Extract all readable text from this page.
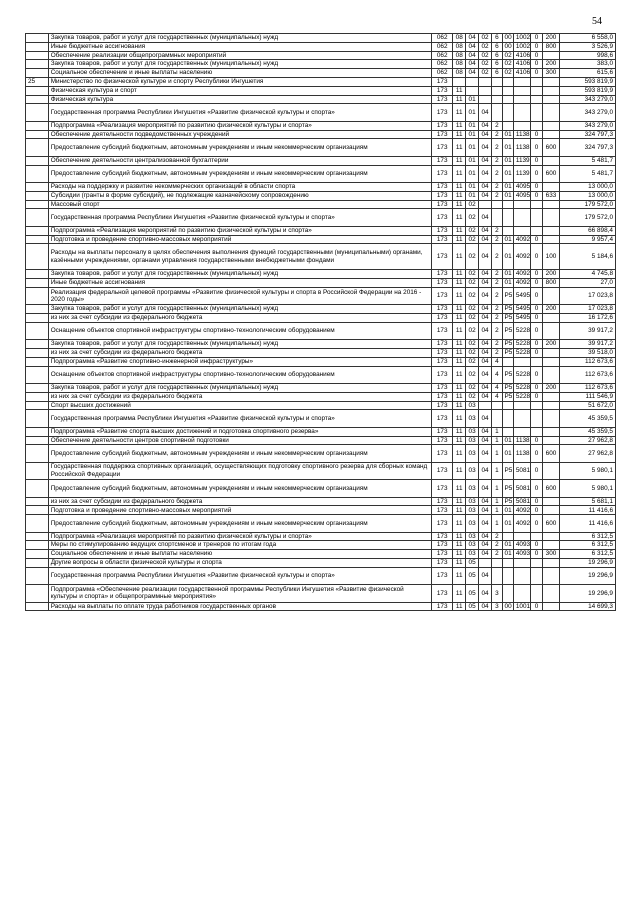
54
	Закупка товаров, работ и услуг для государственных (муниципальных) нужд	062	08	04	02	6	00	1002	0	200	6 558,0
	Иные бюджетные ассигнования	062	08	04	02	6	00	1002	0	800	3 526,9
	Обеспечение реализации общепрограммных мероприятий	062	08	04	02	6	02	4106	0		998,6
	Закупка товаров, работ и услуг для государственных (муниципальных) нужд	062	08	04	02	6	02	4106	0	200	383,0
	Социальное обеспечение и иные выплаты населению	062	08	04	02	6	02	4106	0	300	615,6
25	Министерство по физической культуре и спорту Республики Ингушетия	173									593 819,9
	Физическая культура и спорт	173	11								593 819,9
	Физическая культура	173	11	01							343 279,0
	Государственная программа Республики Ингушетия «Развитие физической культуры и спорта»	173	11	01	04						343 279,0
	Подпрограмма «Реализация мероприятий по развитию физической культуры и спорта»	173	11	01	04	2					343 279,0
	Обеспечение деятельности подведомственных учреждений	173	11	01	04	2	01	1138	0		324 797,3
	Предоставление субсидий бюджетным, автономным учреждениям и иным некоммерческим организациям	173	11	01	04	2	01	1138	0	600	324 797,3
	Обеспечение деятельности централизованной бухгалтерии	173	11	01	04	2	01	1139	0		5 481,7
	Предоставление субсидий бюджетным, автономным учреждениям и иным некоммерческим организациям	173	11	01	04	2	01	1139	0	600	5 481,7
	Расходы на поддержку и развитие некоммерческих организаций в области спорта	173	11	01	04	2	01	4095	0		13 000,0
	Субсидии (гранты в форме субсидий), не подлежащие казначейскому сопровождению	173	11	01	04	2	01	4095	0	633	13 000,0
	Массовый спорт	173	11	02							179 572,0
	Государственная программа Республики Ингушетия «Развитие физической культуры и спорта»	173	11	02	04						179 572,0
	Подпрограмма «Реализация мероприятий по развитию физической культуры и спорта»	173	11	02	04	2					66 898,4
	Подготовка и проведение спортивно-массовых мероприятий	173	11	02	04	2	01	4092	0		9 957,4
	Расходы на выплаты персоналу в целях обеспечения выполнения функций государственными (муниципальными) органами, казёнными учреждениями, органами управления государственными внебюджетными фондами	173	11	02	04	2	01	4092	0	100	5 184,6
	Закупка товаров, работ и услуг для государственных (муниципальных) нужд	173	11	02	04	2	01	4092	0	200	4 745,8
	Иные бюджетные ассигнования	173	11	02	04	2	01	4092	0	800	27,0
	Реализация федеральной целевой программы «Развитие физической культуры и спорта в Российской Федерации на 2016 - 2020 годы»	173	11	02	04	2	P5	5495	0		17 023,8
	Закупка товаров, работ и услуг для государственных (муниципальных) нужд	173	11	02	04	2	P5	5495	0	200	17 023,8
	из них за счет субсидии из федерального бюджета	173	11	02	04	2	P5	5495	0		16 172,6
	Оснащение объектов спортивной инфраструктуры спортивно-технологическим оборудованием	173	11	02	04	2	P5	5228	0		39 917,2
	Закупка товаров, работ и услуг для государственных (муниципальных) нужд	173	11	02	04	2	P5	5228	0	200	39 917,2
	из них за счет субсидии из федерального бюджета	173	11	02	04	2	P5	5228	0		39 518,0
	Подпрограмма «Развитие спортивно-инженерной инфраструктуры»	173	11	02	04	4					112 673,6
	Оснащение объектов спортивной инфраструктуры спортивно-технологическим оборудованием	173	11	02	04	4	P5	5228	0		112 673,6
	Закупка товаров, работ и услуг для государственных (муниципальных) нужд	173	11	02	04	4	P5	5228	0	200	112 673,6
	из них за счет субсидии из федерального бюджета	173	11	02	04	4	P5	5228	0		111 546,9
	Спорт высших достижений	173	11	03							51 672,0
	Государственная программа Республики Ингушетия «Развитие физической культуры и спорта»	173	11	03	04						45 359,5
	Подпрограмма «Развитие спорта высших достижений и подготовка спортивного резерва»	173	11	03	04	1					45 359,5
	Обеспечение деятельности центров спортивной подготовки	173	11	03	04	1	01	1138	0		27 962,8
	Предоставление субсидий бюджетным, автономным учреждениям и иным некоммерческим организациям	173	11	03	04	1	01	1138	0	600	27 962,8
	Государственная поддержка спортивных организаций, осуществляющих подготовку спортивного резерва для сборных команд Российской Федерации	173	11	03	04	1	P5	5081	0		5 980,1
	Предоставление субсидий бюджетным, автономным учреждениям и иным некоммерческим организациям	173	11	03	04	1	P5	5081	0	600	5 980,1
	из них за счет субсидии из федерального бюджета	173	11	03	04	1	P5	5081	0		5 681,1
	Подготовка и проведение спортивно-массовых мероприятий	173	11	03	04	1	01	4092	0		11 416,6
	Предоставление субсидий бюджетным, автономным учреждениям и иным некоммерческим организациям	173	11	03	04	1	01	4092	0	600	11 416,6
	Подпрограмма «Реализация мероприятий по развитию физической культуры и спорта»	173	11	03	04	2					6 312,5
	Меры по стимулированию ведущих спортсменов и тренеров по итогам года	173	11	03	04	2	01	4093	0		6 312,5
	Социальное обеспечение и иные выплаты населению	173	11	03	04	2	01	4093	0	300	6 312,5
	Другие вопросы в области физической культуры и спорта	173	11	05							19 296,9
	Государственная программа Республики Ингушетия «Развитие физической культуры и спорта»	173	11	05	04						19 296,9
	Подпрограмма «Обеспечение реализации государственной программы Республики Ингушетия «Развитие физической культуры и спорта» и общепрограммные мероприятия»	173	11	05	04	3					19 296,9
	Расходы на выплаты по оплате труда работников государственных органов	173	11	05	04	3	00	1001	0		14 699,3
